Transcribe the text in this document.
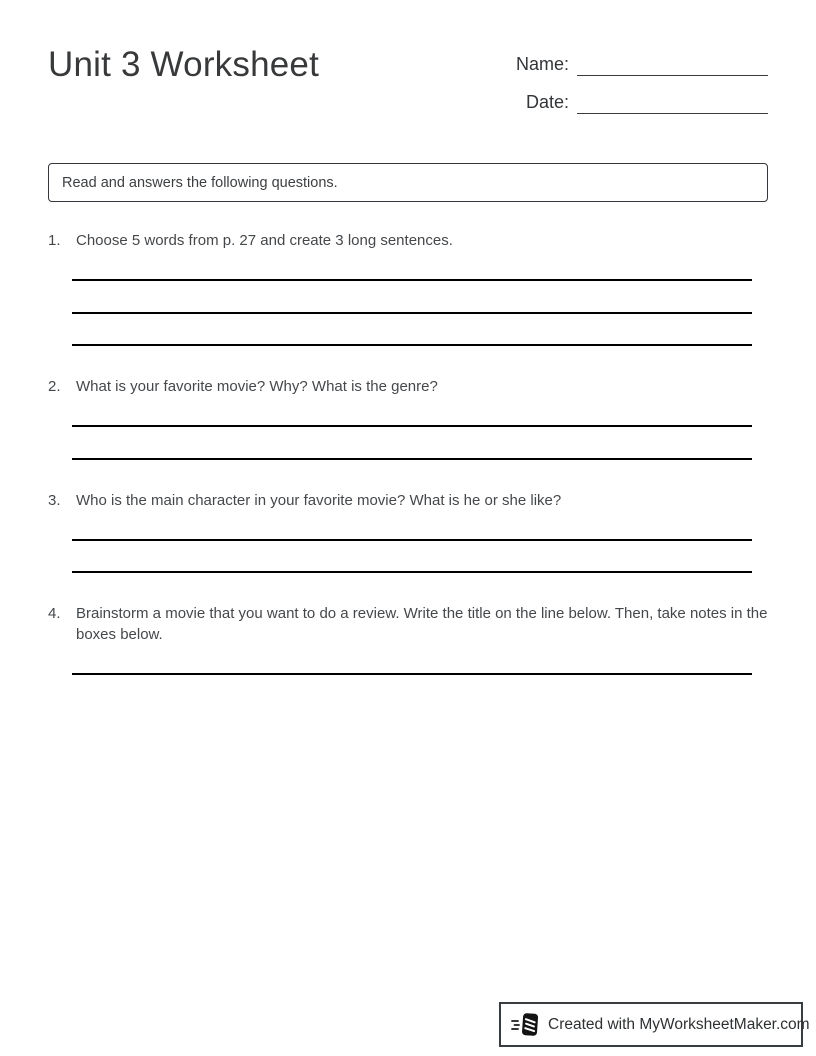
Unit 3 Worksheet	Name:
Date:
Read and answers the following questions.
1.	Choose 5 words from p. 27 and create 3 long sentences.
2.	What is your favorite movie? Why? What is the genre?
3.	Who is the main character in your favorite movie? What is he or she like?
4.	Brainstorm a movie that you want to do a review. Write the title on the line below. Then, take notes in the boxes below.
Created with MyWorksheetMaker.com
